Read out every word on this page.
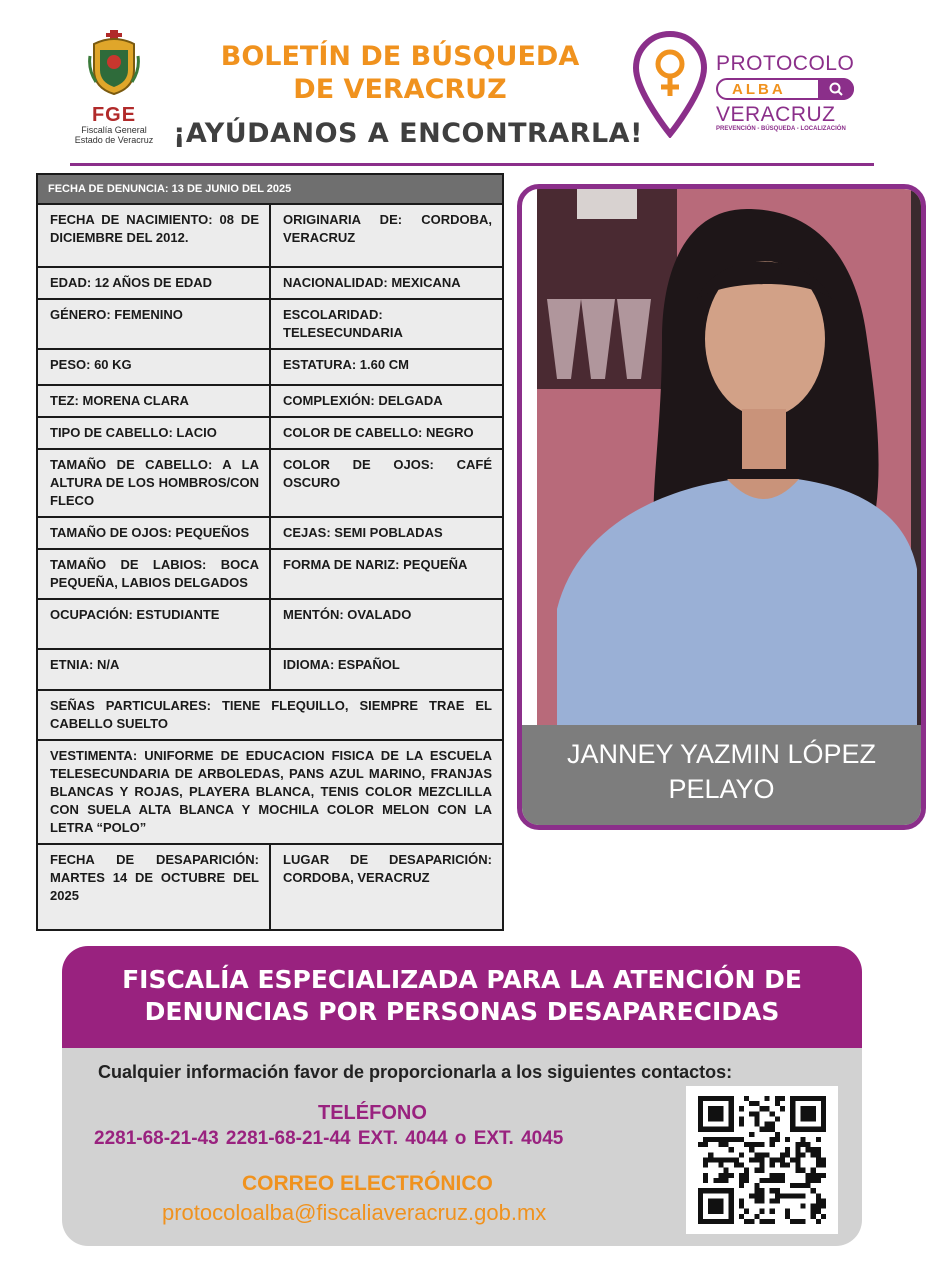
FGE
Fiscalía General
Estado de Veracruz
BOLETÍN DE BÚSQUEDA
DE VERACRUZ
¡AYÚDANOS A ENCONTRARLA!
PROTOCOLO
ALBA
VERACRUZ
PREVENCIÓN - BÚSQUEDA - LOCALIZACIÓN
FECHA DE DENUNCIA: 13 DE JUNIO DEL 2025	
FECHA DE NACIMIENTO: 08 DE DICIEMBRE DEL 2012.	ORIGINARIA DE: CORDOBA, VERACRUZ
EDAD: 12 AÑOS DE EDAD	NACIONALIDAD: MEXICANA
GÉNERO: FEMENINO	ESCOLARIDAD: TELESECUNDARIA
PESO: 60 KG	ESTATURA: 1.60 CM
TEZ: MORENA CLARA	COMPLEXIÓN: DELGADA
TIPO DE CABELLO: LACIO	COLOR DE CABELLO: NEGRO
TAMAÑO DE CABELLO: A LA ALTURA DE LOS HOMBROS/CON FLECO	COLOR DE OJOS: CAFÉ OSCURO
TAMAÑO DE OJOS: PEQUEÑOS	CEJAS: SEMI POBLADAS
TAMAÑO DE LABIOS: BOCA PEQUEÑA, LABIOS DELGADOS	FORMA DE NARIZ: PEQUEÑA
OCUPACIÓN: ESTUDIANTE	MENTÓN: OVALADO
ETNIA: N/A	IDIOMA: ESPAÑOL
SEÑAS PARTICULARES: TIENE FLEQUILLO, SIEMPRE TRAE EL CABELLO SUELTO	
VESTIMENTA: UNIFORME DE EDUCACION FISICA DE LA ESCUELA TELESECUNDARIA DE ARBOLEDAS, PANS AZUL MARINO, FRANJAS BLANCAS Y ROJAS, PLAYERA BLANCA, TENIS COLOR MEZCLILLA CON SUELA ALTA BLANCA Y MOCHILA COLOR MELON CON LA LETRA “POLO”	
FECHA DE DESAPARICIÓN: MARTES 14 DE OCTUBRE DEL 2025	LUGAR DE DESAPARICIÓN: CORDOBA, VERACRUZ
JANNEY YAZMIN LÓPEZ
PELAYO
FISCALÍA ESPECIALIZADA PARA LA ATENCIÓN DE
DENUNCIAS POR PERSONAS DESAPARECIDAS
Cualquier información favor de proporcionarla a los siguientes contactos:
TELÉFONO
2281-68-21-43 2281-68-21-44 EXT. 4044 o EXT. 4045
CORREO ELECTRÓNICO
protocoloalba@fiscaliaveracruz.gob.mx
